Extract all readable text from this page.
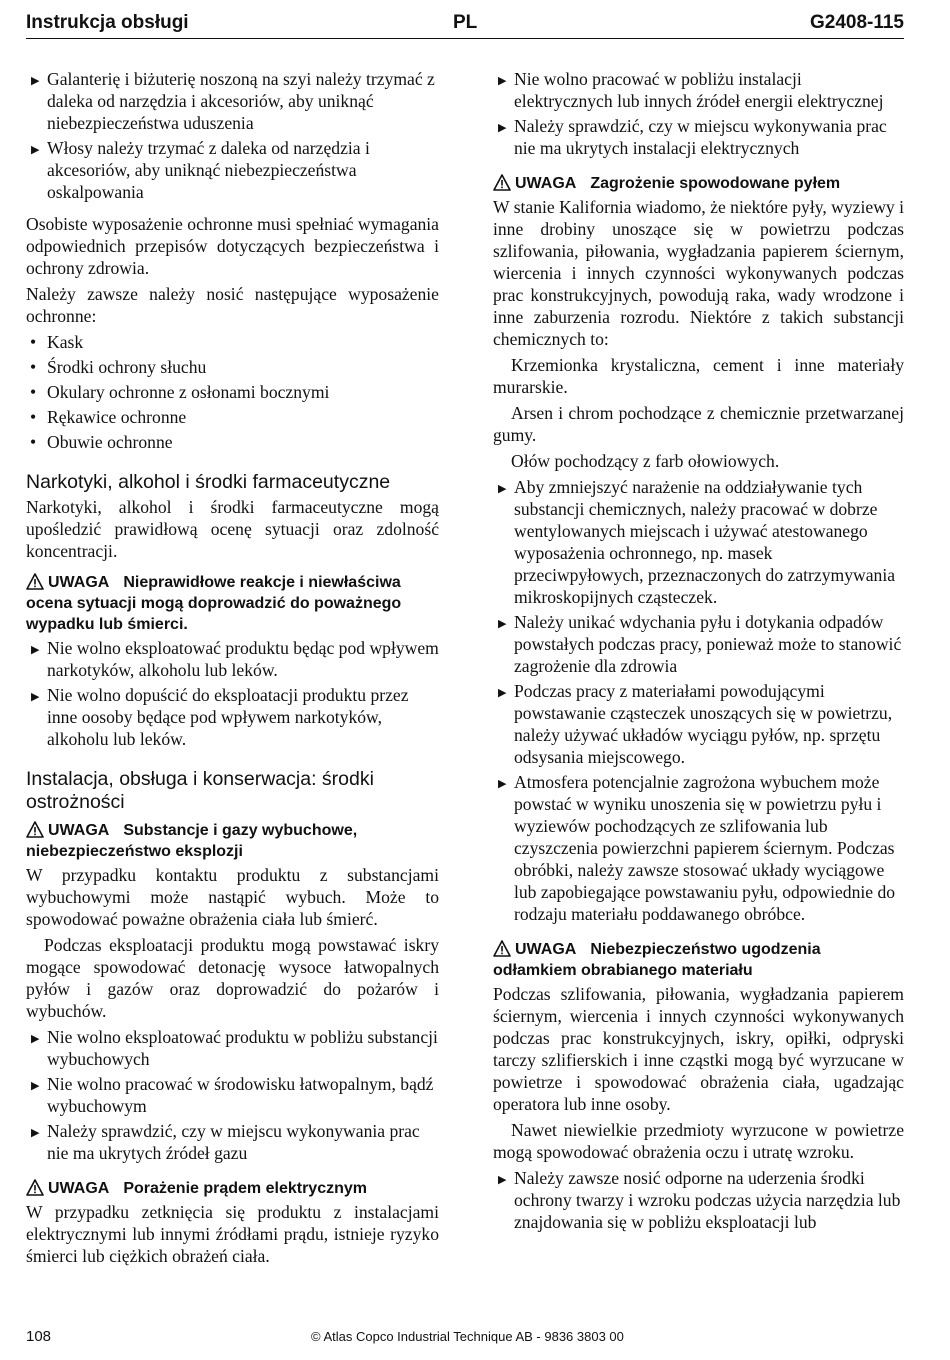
Instrukcja obsługi	PL	G2408-115
▶ Galanterię i biżuterię noszoną na szyi należy trzymać z daleka od narzędzia i akcesoriów, aby uniknąć niebezpieczeństwa uduszenia
▶ Włosy należy trzymać z daleka od narzędzia i akcesoriów, aby uniknąć niebezpieczeństwa oskalpowania

Osobiste wyposażenie ochronne musi spełniać wymagania odpowiednich przepisów dotyczących bezpieczeństwa i ochrony zdrowia.

Należy zawsze należy nosić następujące wyposażenie ochronne:

• Kask
• Środki ochrony słuchu
• Okulary ochronne z osłonami bocznymi
• Rękawice ochronne
• Obuwie ochronne
Narkotyki, alkohol i środki farmaceutyczne

Narkotyki, alkohol i środki farmaceutyczne mogą upośledzić prawidłową ocenę sytuacji oraz zdolność koncentracji.

UWAGA Nieprawidłowe reakcje i niewłaściwa ocena sytuacji mogą doprowadzić do poważnego wypadku lub śmierci.
▶ Nie wolno eksploatować produktu będąc pod wpływem narkotyków, alkoholu lub leków.
▶ Nie wolno dopuścić do eksploatacji produktu przez inne oosoby będące pod wpływem narkotyków, alkoholu lub leków.
Instalacja, obsługa i konserwacja: środki ostrożności
UWAGA Substancje i gazy wybuchowe, niebezpieczeństwo eksplozji

W przypadku kontaktu produktu z substancjami wybuchowymi może nastąpić wybuch. Może to spowodować poważne obrażenia ciała lub śmierć.

Podczas eksploatacji produktu mogą powstawać iskry mogące spowodować detonację wysoce łatwopalnych pyłów i gazów oraz doprowadzić do pożarów i wybuchów.

▶ Nie wolno eksploatować produktu w pobliżu substancji wybuchowych
▶ Nie wolno pracować w środowisku łatwopalnym, bądź wybuchowym
▶ Należy sprawdzić, czy w miejscu wykonywania prac nie ma ukrytych źródeł gazu
UWAGA Porażenie prądem elektrycznym

W przypadku zetknięcia się produktu z instalacjami elektrycznymi lub innymi źródłami prądu, istnieje ryzyko śmierci lub ciężkich obrażeń ciała.

▶ Nie wolno pracować w pobliżu instalacji elektrycznych lub innych źródeł energii elektrycznej
▶ Należy sprawdzić, czy w miejscu wykonywania prac nie ma ukrytych instalacji elektrycznych
UWAGA Zagrożenie spowodowane pyłem

W stanie Kalifornia wiadomo, że niektóre pyły, wyziewy i inne drobiny unoszące się w powietrzu podczas szlifowania, piłowania, wygładzania papierem ściernym, wiercenia i innych czynności wykonywanych podczas prac konstrukcyjnych, powodują raka, wady wrodzone i inne zaburzenia rozrodu. Niektóre z takich substancji chemicznych to:

Krzemionka krystaliczna, cement i inne materiały murarskie.

Arsen i chrom pochodzące z chemicznie przetwarzanej gumy.

Ołów pochodzący z farb ołowiowych.

▶ Aby zmniejszyć narażenie na oddziaływanie tych substancji chemicznych, należy pracować w dobrze wentylowanych miejscach i używać atestowanego wyposażenia ochronnego, np. masek przeciwpyłowych, przeznaczonych do zatrzymywania mikroskopijnych cząsteczek.
▶ Należy unikać wdychania pyłu i dotykania odpadów powstałych podczas pracy, ponieważ może to stanowić zagrożenie dla zdrowia
▶ Podczas pracy z materiałami powodującymi powstawanie cząsteczek unoszących się w powietrzu, należy używać układów wyciągu pyłów, np. sprzętu odsysania miejscowego.
▶ Atmosfera potencjalnie zagrożona wybuchem może powstać w wyniku unoszenia się w powietrzu pyłu i wyziewów pochodzących ze szlifowania lub czyszczenia powierzchni papierem ściernym. Podczas obróbki, należy zawsze stosować układy wyciągowe lub zapobiegające powstawaniu pyłu, odpowiednie do rodzaju materiału poddawanego obróbce.
UWAGA Niebezpieczeństwo ugodzenia odłamkiem obrabianego materiału

Podczas szlifowania, piłowania, wygładzania papierem ściernym, wiercenia i innych czynności wykonywanych podczas prac konstrukcyjnych, iskry, opiłki, odpryski tarczy szlifierskich i inne cząstki mogą być wyrzucane w powietrze i spowodować obrażenia ciała, ugadzając operatora lub inne osoby.

Nawet niewielkie przedmioty wyrzucone w powietrze mogą spowodować obrażenia oczu i utratę wzroku.

▶ Należy zawsze nosić odporne na uderzenia środki ochrony twarzy i wzroku podczas użycia narzędzia lub znajdowania się w pobliżu eksploatacji lub
108	© Atlas Copco Industrial Technique AB - 9836 3803 00
